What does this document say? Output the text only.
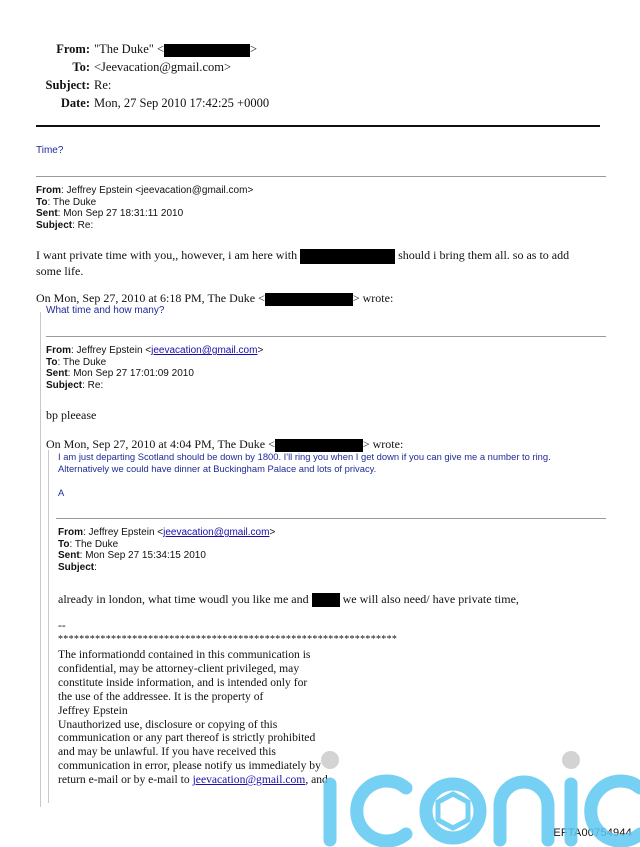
From: "The Duke" <	>
To: <Jeevacation@gmail.com>
Subject: Re:
Date: Mon, 27 Sep 2010 17:42:25 +0000
Time?
From: Jeffrey Epstein <jeevacation@gmail.com>
To: The Duke
Sent: Mon Sep 27 18:31:11 2010
Subject: Re:
I want private time with you,, however, i am here with	should i bring them all. so as to add
some life.
On Mon, Sep 27, 2010 at 6:18 PM, The Duke <	> wrote:
What time and how many?
From: Jeffrey Epstein <jeevacation@gmail.com>
To: The Duke
Sent: Mon Sep 27 17:01:09 2010
Subject: Re:
bp pleease
On Mon, Sep 27, 2010 at 4:04 PM, The Duke <	> wrote:
I am just departing Scotland should be down by 1800. I'll ring you when I get down if you can give me a number to ring.
Alternatively we could have dinner at Buckingham Palace and lots of privacy.
A
From: Jeffrey Epstein <jeevacation@gmail.com>
To: The Duke
Sent: Mon Sep 27 15:34:15 2010
Subject:
already in london, what time woudl you like me and	we will also need/ have private time,
--
****************************************************************
The informationdd contained in this communication is
confidential, may be attorney-client privileged, may
constitute inside information, and is intended only for
the use of the addressee. It is the property of
Jeffrey Epstein
Unauthorized use, disclosure or copying of this
communication or any part thereof is strictly prohibited
and may be unlawful. If you have received this
communication in error, please notify us immediately by
return e-mail or by e-mail to jeevacation@gmail.com, and
EFTA00754944
